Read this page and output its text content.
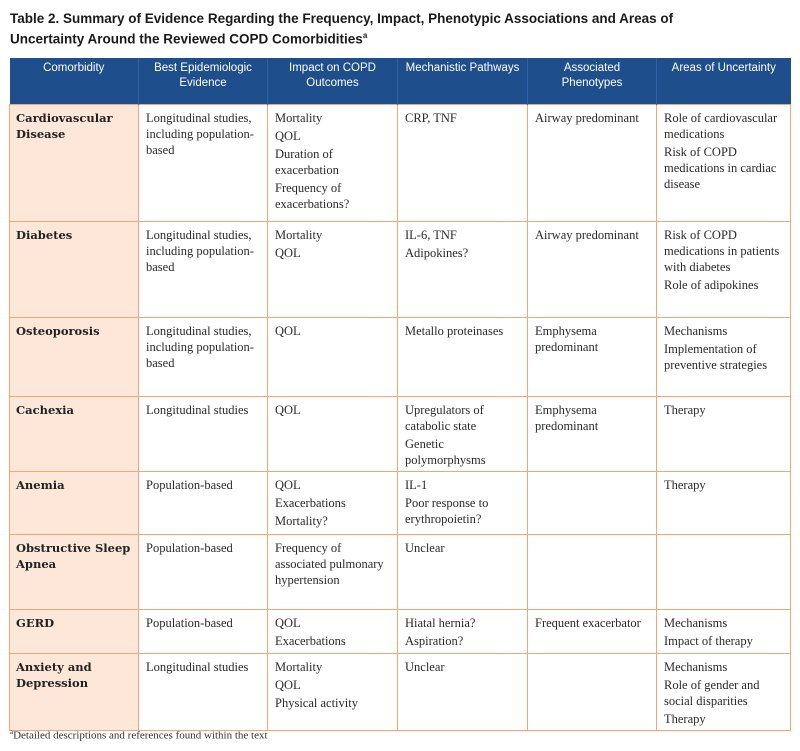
Table 2. Summary of Evidence Regarding the Frequency, Impact, Phenotypic Associations and Areas of
Uncertainty Around the Reviewed COPD Comorbidities$^a$
Comorbidity	Best Epidemiologic Evidence	Impact on COPD Outcomes	Mechanistic Pathways	Associated Phenotypes	Areas of Uncertainty
Cardiovascular Disease	Longitudinal studies, including population-based	Mortality
QOL
Duration of exacerbation
Frequency of exacerbations?	CRP, TNF	Airway predominant	Role of cardiovascular medications
Risk of COPD medications in cardiac disease

Diabetes	Longitudinal studies, including population-based	Mortality
QOL	IL-6, TNF
Adipokines?	Airway predominant	Risk of COPD medications in patients with diabetes
Role of adipokines

Osteoporosis	Longitudinal studies, including population-based	QOL	Metallo proteinases	Emphysema predominant	Mechanisms
Implementation of preventive strategies

Cachexia	Longitudinal studies	QOL	Upregulators of catabolic state
Genetic polymorphysms	Emphysema predominant	Therapy

Anemia	Population-based	QOL
Exacerbations
Mortality?	IL-1
Poor response to erythropoietin?		Therapy

Obstructive Sleep Apnea	Population-based	Frequency of associated pulmonary hypertension	Unclear		

GERD	Population-based	QOL
Exacerbations	Hiatal hernia?
Aspiration?	Frequent exacerbator	Mechanisms
Impact of therapy

Anxiety and Depression	Longitudinal studies	Mortality
QOL
Physical activity	Unclear		Mechanisms
Role of gender and social disparities
Therapy
$^a$Detailed descriptions and references found within the text
